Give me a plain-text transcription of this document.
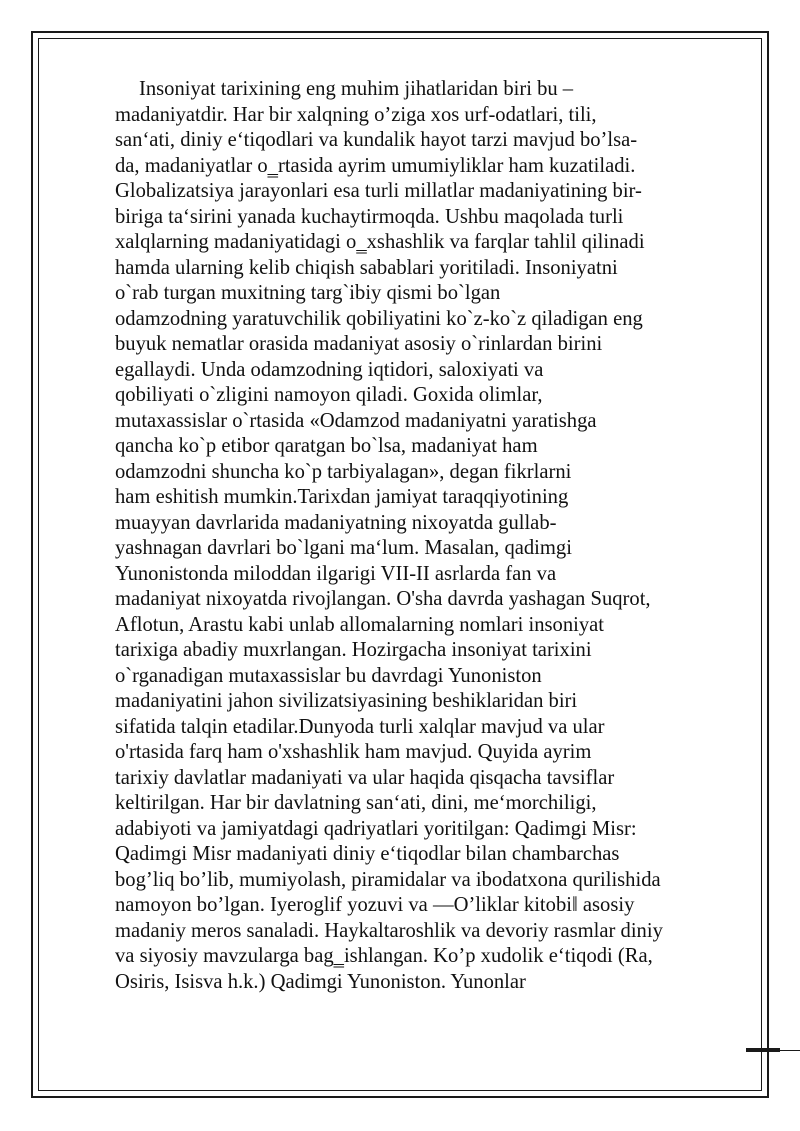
Insoniyat tarixining eng muhim jihatlaridan biri bu –
madaniyatdir. Har bir xalqning o’ziga xos urf-odatlari, tili,
san‘ati, diniy e‘tiqodlari va kundalik hayot tarzi mavjud bo’lsa-
da, madaniyatlar o‗rtasida ayrim umumiyliklar ham kuzatiladi.
Globalizatsiya jarayonlari esa turli millatlar madaniyatining bir-
biriga ta‘sirini yanada kuchaytirmoqda. Ushbu maqolada turli
xalqlarning madaniyatidagi o‗xshashlik va farqlar tahlil qilinadi
hamda ularning kelib chiqish sabablari yoritiladi. Insoniyatni
o`rab turgan muxitning targ`ibiy qismi bo`lgan
odamzodning yaratuvchilik qobiliyatini ko`z-ko`z qiladigan eng
buyuk nematlar orasida madaniyat asosiy o`rinlardan birini
egallaydi. Unda odamzodning iqtidori, saloxiyati va
qobiliyati o`zligini namoyon qiladi. Goxida olimlar,
mutaxassislar o`rtasida «Odamzod madaniyatni yaratishga
qancha ko`p etibor qaratgan bo`lsa, madaniyat ham
odamzodni shuncha ko`p tarbiyalagan», degan fikrlarni
ham eshitish mumkin.Tarixdan jamiyat taraqqiyotining
muayyan davrlarida madaniyatning nixoyatda gullab-
yashnagan davrlari bo`lgani ma‘lum. Masalan, qadimgi
Yunonistonda miloddan ilgarigi VII-II asrlarda fan va
madaniyat nixoyatda rivojlangan. O'sha davrda yashagan Suqrot,
Aflotun, Arastu kabi unlab allomalarning nomlari insoniyat
tarixiga abadiy muxrlangan. Hozirgacha insoniyat tarixini
o`rganadigan mutaxassislar bu davrdagi Yunoniston
madaniyatini jahon sivilizatsiyasining beshiklaridan biri
sifatida talqin etadilar.Dunyoda turli xalqlar mavjud va ular
o'rtasida farq ham o'xshashlik ham mavjud. Quyida ayrim
tarixiy davlatlar madaniyati va ular haqida qisqacha tavsiflar
keltirilgan. Har bir davlatning san‘ati, dini, me‘morchiligi,
adabiyoti va jamiyatdagi qadriyatlari yoritilgan: Qadimgi Misr:
Qadimgi Misr madaniyati diniy e‘tiqodlar bilan chambarchas
bog’liq bo’lib, mumiyolash, piramidalar va ibodatxona qurilishida
namoyon bo’lgan. Iyeroglif yozuvi va ―O’liklar kitobi‖ asosiy
madaniy meros sanaladi. Haykaltaroshlik va devoriy rasmlar diniy
va siyosiy mavzularga bag‗ishlangan. Ko’p xudolik e‘tiqodi (Ra,
Osiris, Isisva h.k.) Qadimgi Yunoniston. Yunonlar
